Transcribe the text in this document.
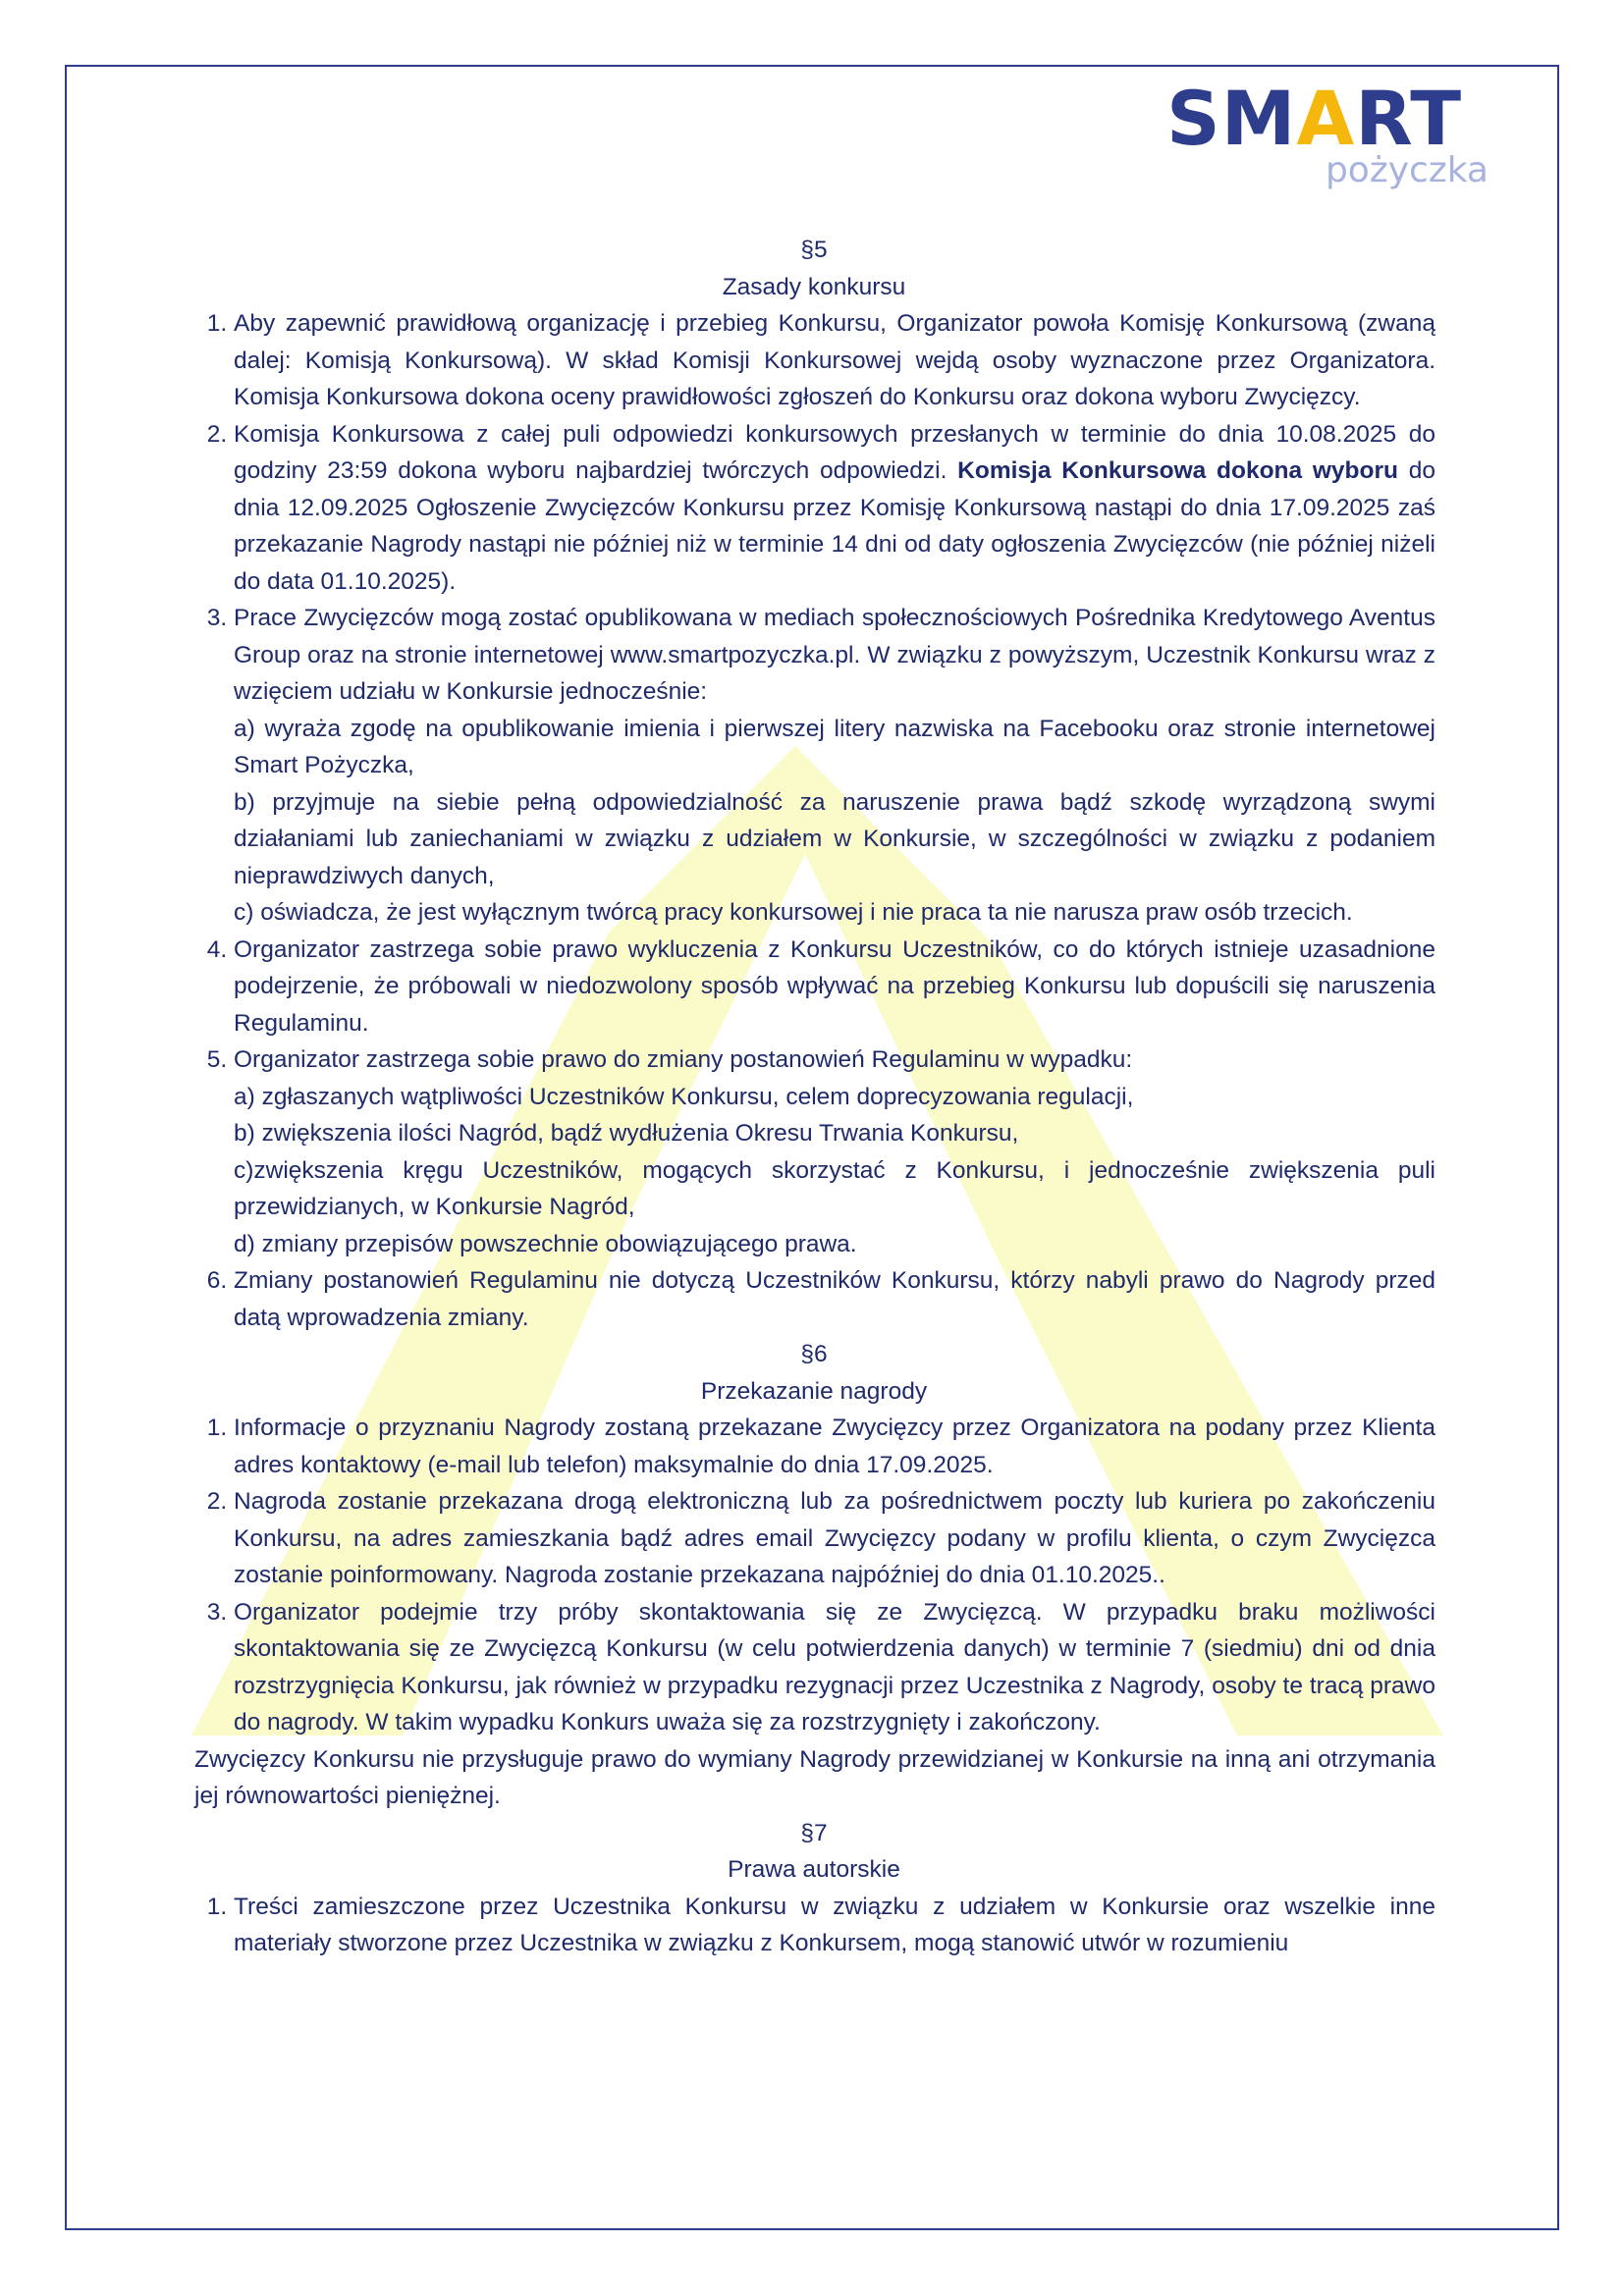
SMART
pożyczka
§5
Zasady konkursu
1. Aby zapewnić prawidłową organizację i przebieg Konkursu, Organizator powoła Komisję Konkursową (zwaną dalej: Komisją Konkursową). W skład Komisji Konkursowej wejdą osoby wyznaczone przez Organizatora. Komisja Konkursowa dokona oceny prawidłowości zgłoszeń do Konkursu oraz dokona wyboru Zwycięzcy.
2. Komisja Konkursowa z całej puli odpowiedzi konkursowych przesłanych w terminie do dnia 10.08.2025 do godziny 23:59 dokona wyboru najbardziej twórczych odpowiedzi. Komisja Konkursowa dokona wyboru do dnia 12.09.2025 Ogłoszenie Zwycięzców Konkursu przez Komisję Konkursową nastąpi do dnia 17.09.2025 zaś przekazanie Nagrody nastąpi nie później niż w terminie 14 dni od daty ogłoszenia Zwycięzców (nie później niżeli do data 01.10.2025).
3. Prace Zwycięzców mogą zostać opublikowana w mediach społecznościowych Pośrednika Kredytowego Aventus Group oraz na stronie internetowej www.smartpozyczka.pl. W związku z powyższym, Uczestnik Konkursu wraz z wzięciem udziału w Konkursie jednocześnie:
a) wyraża zgodę na opublikowanie imienia i pierwszej litery nazwiska na Facebooku oraz stronie internetowej Smart Pożyczka,
b) przyjmuje na siebie pełną odpowiedzialność za naruszenie prawa bądź szkodę wyrządzoną swymi działaniami lub zaniechaniami w związku z udziałem w Konkursie, w szczególności w związku z podaniem nieprawdziwych danych,
c) oświadcza, że jest wyłącznym twórcą pracy konkursowej i nie praca ta nie narusza praw osób trzecich.
4. Organizator zastrzega sobie prawo wykluczenia z Konkursu Uczestników, co do których istnieje uzasadnione podejrzenie, że próbowali w niedozwolony sposób wpływać na przebieg Konkursu lub dopuścili się naruszenia Regulaminu.
5. Organizator zastrzega sobie prawo do zmiany postanowień Regulaminu w wypadku:
a) zgłaszanych wątpliwości Uczestników Konkursu, celem doprecyzowania regulacji,
b) zwiększenia ilości Nagród, bądź wydłużenia Okresu Trwania Konkursu,
c)zwiększenia kręgu Uczestników, mogących skorzystać z Konkursu, i jednocześnie zwiększenia puli przewidzianych, w Konkursie Nagród,
d) zmiany przepisów powszechnie obowiązującego prawa.
6. Zmiany postanowień Regulaminu nie dotyczą Uczestników Konkursu, którzy nabyli prawo do Nagrody przed datą wprowadzenia zmiany.
§6
Przekazanie nagrody
1. Informacje o przyznaniu Nagrody zostaną przekazane Zwycięzcy przez Organizatora na podany przez Klienta adres kontaktowy (e-mail lub telefon) maksymalnie do dnia 17.09.2025.
2. Nagroda zostanie przekazana drogą elektroniczną lub za pośrednictwem poczty lub kuriera po zakończeniu Konkursu, na adres zamieszkania bądź adres email Zwycięzcy podany w profilu klienta, o czym Zwycięzca zostanie poinformowany. Nagroda zostanie przekazana najpóźniej do dnia 01.10.2025..
3. Organizator podejmie trzy próby skontaktowania się ze Zwycięzcą. W przypadku braku możliwości skontaktowania się ze Zwycięzcą Konkursu (w celu potwierdzenia danych) w terminie 7 (siedmiu) dni od dnia rozstrzygnięcia Konkursu, jak również w przypadku rezygnacji przez Uczestnika z Nagrody, osoby te tracą prawo do nagrody. W takim wypadku Konkurs uważa się za rozstrzygnięty i zakończony.
Zwycięzcy Konkursu nie przysługuje prawo do wymiany Nagrody przewidzianej w Konkursie na inną ani otrzymania jej równowartości pieniężnej.
§7
Prawa autorskie
1. Treści zamieszczone przez Uczestnika Konkursu w związku z udziałem w Konkursie oraz wszelkie inne materiały stworzone przez Uczestnika w związku z Konkursem, mogą stanowić utwór w rozumieniu
